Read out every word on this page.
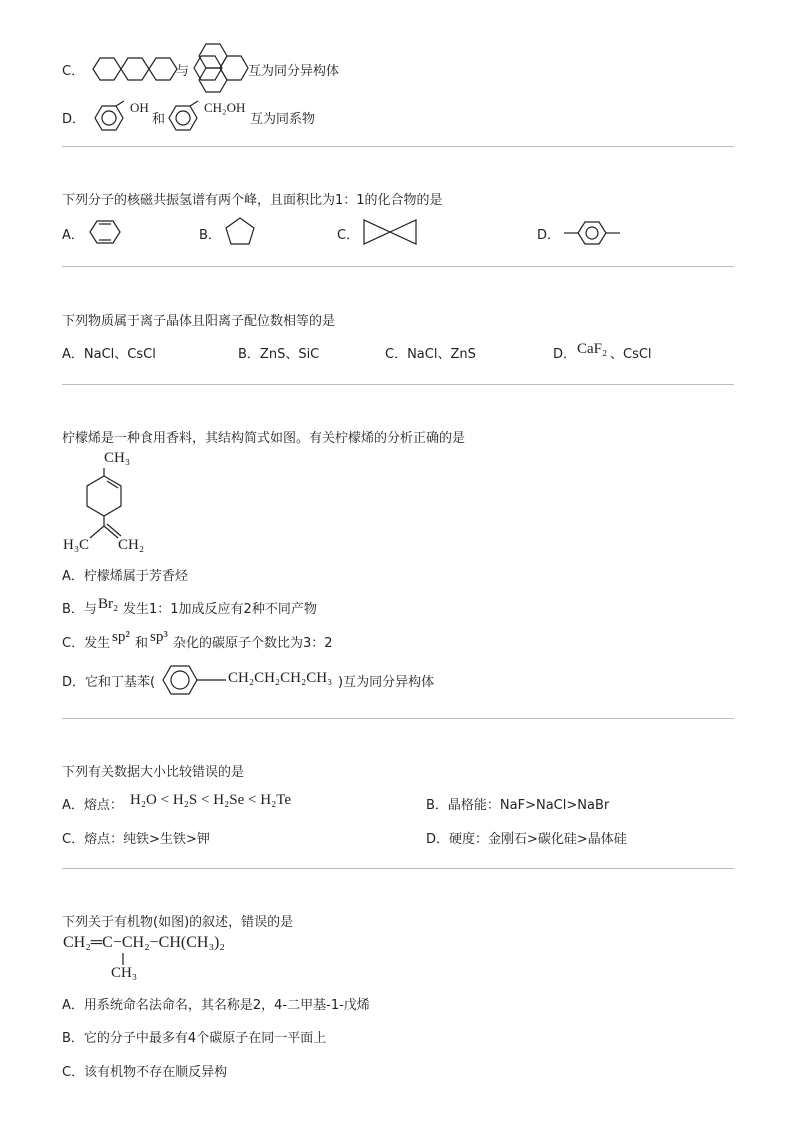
C．	与	互为同分异构体
D．
OH
和
CH₂OH
互为同系物
下列分子的核磁共振氢谱有两个峰，且面积比为1：1的化合物的是
A．	B．	C．	D．
下列物质属于离子晶体且阳离子配位数相等的是
A．NaCl、CsCl	B．ZnS、SiC	C．NaCl、ZnS	D． CaF₂ 、CsCl
柠檬烯是一种食用香料，其结构简式如图。有关柠檬烯的分析正确的是
CH₃
H₃C CH₂
A．柠檬烯属于芳香烃
B．与 Br₂ 发生1：1加成反应有2种不同产物
C．发生 sp² 和 sp³ 杂化的碳原子个数比为3：2
D．它和丁基苯(	CH₂CH₂CH₂CH₃ )互为同分异构体
下列有关数据大小比较错误的是
A．熔点： H₂O < H₂S < H₂Se < H₂Te	B．晶格能：NaF>NaCl>NaBr
C．熔点：纯铁>生铁>钾	D．硬度：金刚石>碳化硅>晶体硅
下列关于有机物(如图)的叙述，错误的是
CH₂═C−CH₂−CH(CH₃)₂
CH₃
A．用系统命名法命名，其名称是2，4-二甲基-1-戊烯
B．它的分子中最多有4个碳原子在同一平面上
C．该有机物不存在顺反异构
